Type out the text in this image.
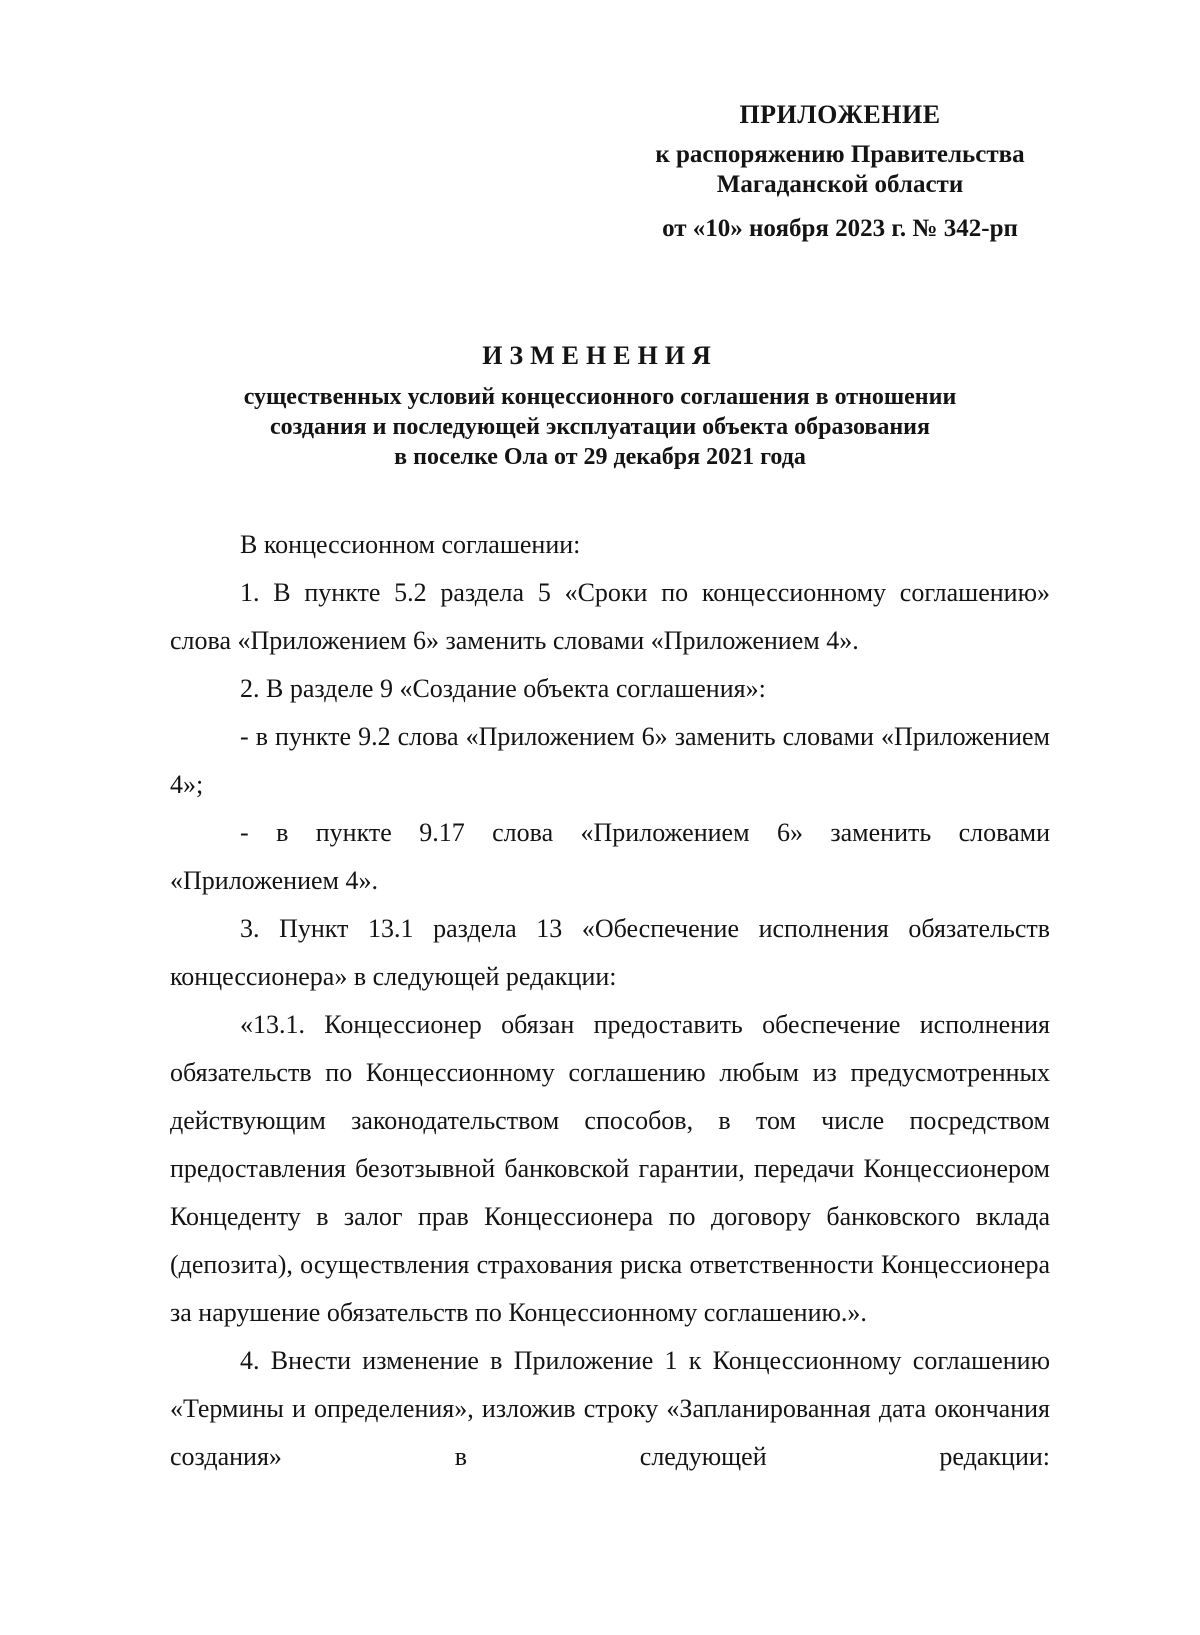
ПРИЛОЖЕНИЕ
к распоряжению Правительства
Магаданской области
от «10» ноября 2023 г. № 342-рп
ИЗМЕНЕНИЯ
существенных условий концессионного соглашения в отношении
создания и последующей эксплуатации объекта образования
в поселке Ола от 29 декабря 2021 года

В концессионном соглашении:

1. В пункте 5.2 раздела 5 «Сроки по концессионному соглашению» слова «Приложением 6» заменить словами «Приложением 4».

2. В разделе 9 «Создание объекта соглашения»:

- в пункте 9.2 слова «Приложением 6» заменить словами «Приложением 4»;

- в пункте 9.17 слова «Приложением 6» заменить словами «Приложением 4».

3. Пункт 13.1 раздела 13 «Обеспечение исполнения обязательств концессионера» в следующей редакции:

«13.1. Концессионер обязан предоставить обеспечение исполнения обязательств по Концессионному соглашению любым из предусмотренных действующим законодательством способов, в том числе посредством предоставления безотзывной банковской гарантии, передачи Концессионером Концеденту в залог прав Концессионера по договору банковского вклада (депозита), осуществления страхования риска ответственности Концессионера за нарушение обязательств по Концессионному соглашению.».

4. Внести изменение в Приложение 1 к Концессионному соглашению «Термины и определения», изложив строку «Запланированная дата окончания создания» в следующей редакции:
